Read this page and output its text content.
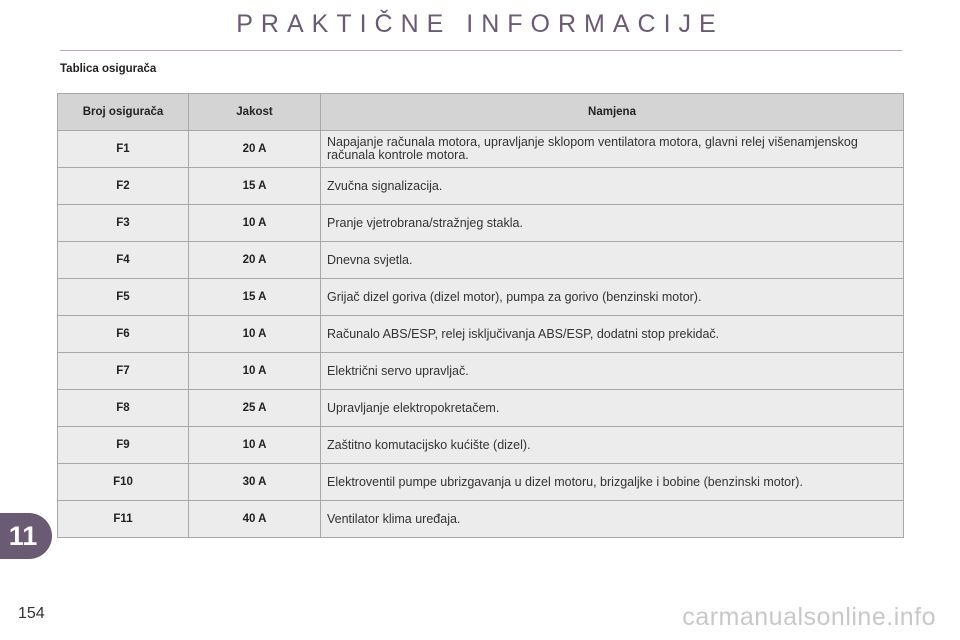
PRAKTIČNE INFORMACIJE
Tablica osigurača
Broj osigurača	Jakost	Namjena
F1	20 A	Napajanje računala motora, upravljanje sklopom ventilatora motora, glavni relej višenamjenskog računala kontrole motora.
F2	15 A	Zvučna signalizacija.
F3	10 A	Pranje vjetrobrana/stražnjeg stakla.
F4	20 A	Dnevna svjetla.
F5	15 A	Grijač dizel goriva (dizel motor), pumpa za gorivo (benzinski motor).
F6	10 A	Računalo ABS/ESP, relej isključivanja ABS/ESP, dodatni stop prekidač.
F7	10 A	Električni servo upravljač.
F8	25 A	Upravljanje elektropokretačem.
F9	10 A	Zaštitno komutacijsko kućište (dizel).
F10	30 A	Elektroventil pumpe ubrizgavanja u dizel motoru, brizgaljke i bobine (benzinski motor).
F11	40 A	Ventilator klima uređaja.
11
154	carmanualsonline.info
